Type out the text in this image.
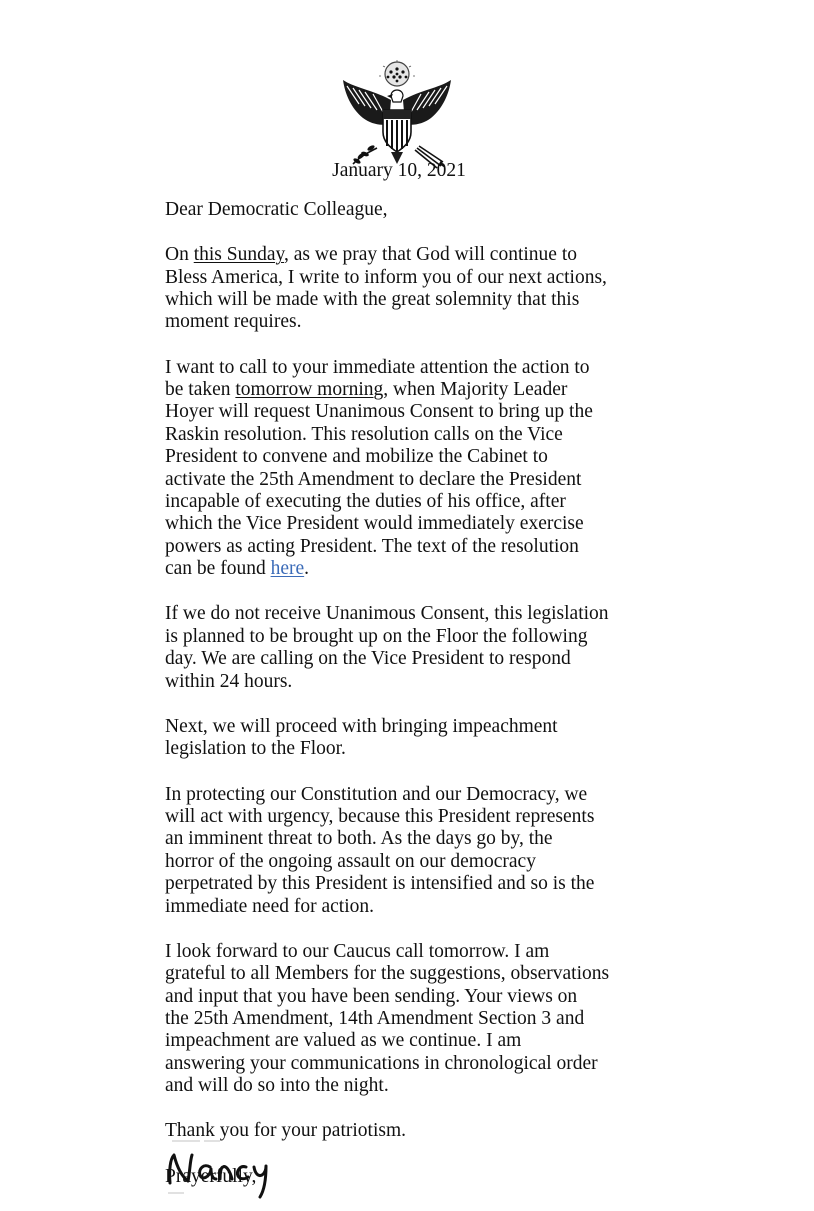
January 10, 2021

Dear Democratic Colleague,

On this Sunday, as we pray that God will continue to
Bless America, I write to inform you of our next actions,
which will be made with the great solemnity that this
moment requires.

I want to call to your immediate attention the action to
be taken tomorrow morning, when Majority Leader
Hoyer will request Unanimous Consent to bring up the
Raskin resolution. This resolution calls on the Vice
President to convene and mobilize the Cabinet to
activate the 25th Amendment to declare the President
incapable of executing the duties of his office, after
which the Vice President would immediately exercise
powers as acting President. The text of the resolution
can be found here.

If we do not receive Unanimous Consent, this legislation
is planned to be brought up on the Floor the following
day. We are calling on the Vice President to respond
within 24 hours.

Next, we will proceed with bringing impeachment
legislation to the Floor.

In protecting our Constitution and our Democracy, we
will act with urgency, because this President represents
an imminent threat to both. As the days go by, the
horror of the ongoing assault on our democracy
perpetrated by this President is intensified and so is the
immediate need for action.

I look forward to our Caucus call tomorrow. I am
grateful to all Members for the suggestions, observations
and input that you have been sending. Your views on
the 25th Amendment, 14th Amendment Section 3 and
impeachment are valued as we continue. I am
answering your communications in chronological order
and will do so into the night.

Thank you for your patriotism.

Prayerfully,
